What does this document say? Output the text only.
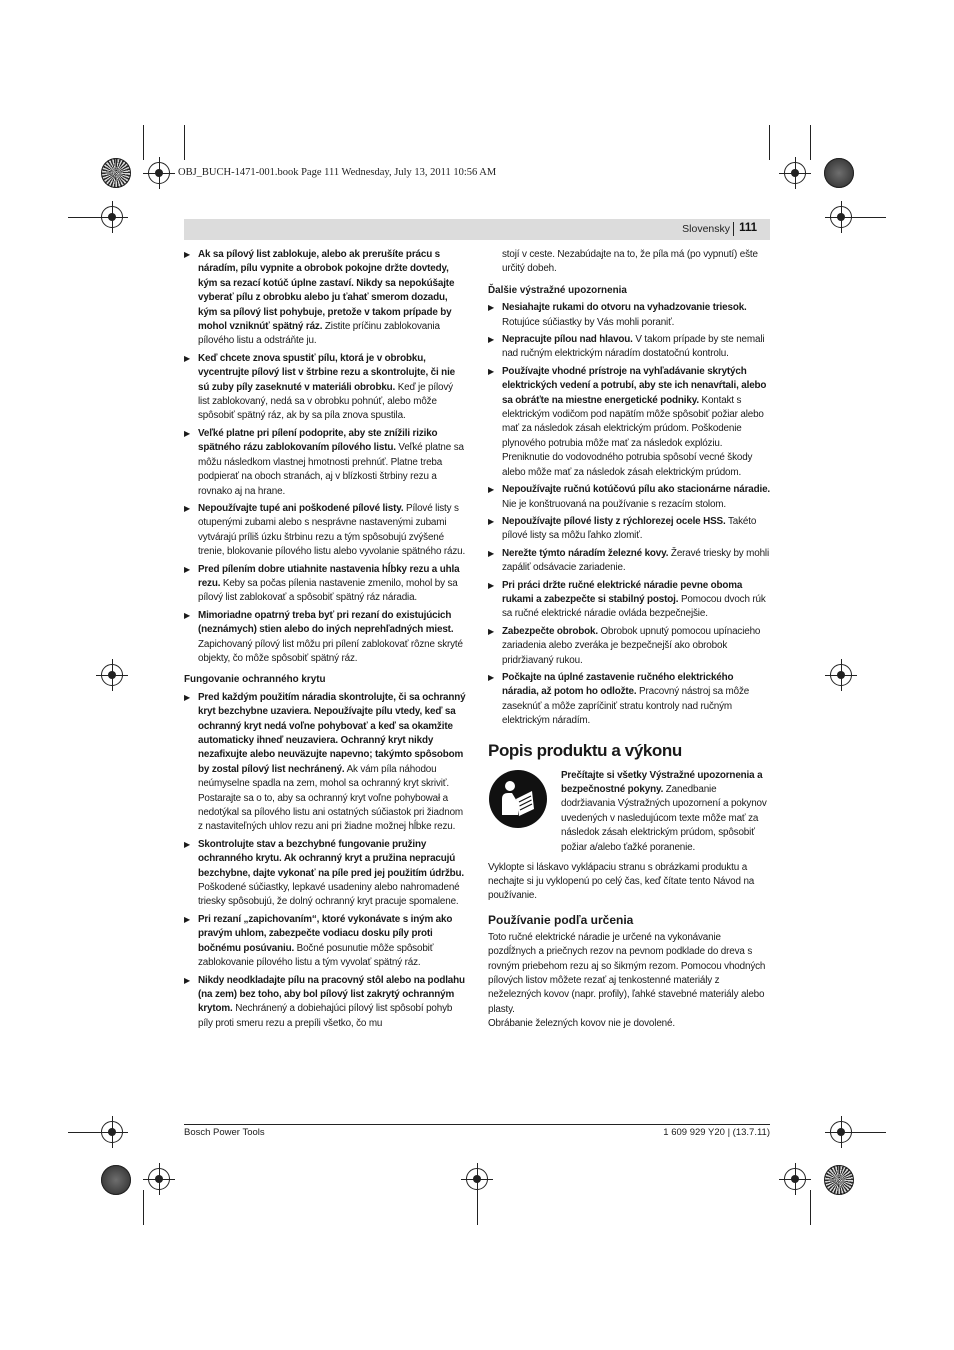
OBJ_BUCH-1471-001.book Page 111 Wednesday, July 13, 2011 10:56 AM
Slovensky 111
▶ Ak sa pílový list zablokuje, alebo ak prerušíte prácu s náradím, pílu vypnite a obrobok pokojne držte dovtedy, kým sa rezací kotúč úplne zastaví. Nikdy sa nepokúšajte vyberať pílu z obrobku alebo ju ťahať smerom dozadu, kým sa pílový list pohybuje, pretože v takom prípade by mohol vzniknúť spätný ráz. Zistite príčinu zablokovania pílového listu a odstráňte ju.
▶ Keď chcete znova spustiť pílu, ktorá je v obrobku, vycentrujte pílový list v štrbine rezu a skontrolujte, či nie sú zuby píly zaseknuté v materiáli obrobku. Keď je pílový list zablokovaný, nedá sa v obrobku pohnúť, alebo môže spôsobiť spätný ráz, ak by sa píla znova spustila.
▶ Veľké platne pri pílení podoprite, aby ste znížili riziko spätného rázu zablokovaním pílového listu. Veľké platne sa môžu následkom vlastnej hmotnosti prehnúť. Platne treba podpierať na oboch stranách, aj v blízkosti štrbiny rezu a rovnako aj na hrane.
▶ Nepoužívajte tupé ani poškodené pílové listy. Pílové listy s otupenými zubami alebo s nesprávne nastavenými zubami vytvárajú príliš úzku štrbinu rezu a tým spôsobujú zvýšené trenie, blokovanie pílového listu alebo vyvolanie spätného rázu.
▶ Pred pílením dobre utiahnite nastavenia hĺbky rezu a uhla rezu. Keby sa počas pílenia nastavenie zmenilo, mohol by sa pílový list zablokovať a spôsobiť spätný ráz náradia.
▶ Mimoriadne opatrný treba byť pri rezaní do existujúcich (neznámych) stien alebo do iných neprehľadných miest. Zapichovaný pílový list môžu pri pílení zablokovať rôzne skryté objekty, čo môže spôsobiť spätný ráz.
Fungovanie ochranného krytu
▶ Pred každým použitím náradia skontrolujte, či sa ochranný kryt bezchybne uzaviera. Nepoužívajte pílu vtedy, keď sa ochranný kryt nedá voľne pohybovať a keď sa okamžite automaticky ihneď neuzaviera. Ochranný kryt nikdy nezafixujte alebo neuväzujte napevno; takýmto spôsobom by zostal pílový list nechránený. Ak vám píla náhodou neúmyselne spadla na zem, mohol sa ochranný kryt skriviť. Postarajte sa o to, aby sa ochranný kryt voľne pohybował a nedotýkal sa pílového listu ani ostatných súčiastok pri žiadnom z nastaviteľných uhlov rezu ani pri žiadne možnej hĺbke rezu.
▶ Skontrolujte stav a bezchybné fungovanie pružiny ochranného krytu. Ak ochranný kryt a pružina nepracujú bezchybne, dajte vykonať na píle pred jej použitím údržbu. Poškodené súčiastky, lepkavé usadeniny alebo nahromadené triesky spôsobujú, že dolný ochranný kryt pracuje spomalene.
▶ Pri rezaní „zapichovaním“, ktoré vykonávate s iným ako pravým uhlom, zabezpečte vodiacu dosku píly proti bočnému posúvaniu. Bočné posunutie môže spôsobiť zablokovanie pílového listu a tým vyvolať spätný ráz.
▶ Nikdy neodkladajte pílu na pracovný stôl alebo na podlahu (na zem) bez toho, aby bol pílový list zakrytý ochranným krytom. Nechránený a dobiehajúci pílový list spôsobí pohyb píly proti smeru rezu a prepíli všetko, čo mu
stojí v ceste. Nezabúdajte na to, že píla má (po vypnutí) ešte určitý dobeh.
Ďalšie výstražné upozornenia
▶ Nesiahajte rukami do otvoru na vyhadzovanie triesok. Rotujúce súčiastky by Vás mohli poraniť.
▶ Nepracujte pílou nad hlavou. V takom prípade by ste nemali nad ručným elektrickým náradím dostatočnú kontrolu.
▶ Používajte vhodné prístroje na vyhľadávanie skrytých elektrických vedení a potrubí, aby ste ich nenavŕtali, alebo sa obráťte na miestne energetické podniky. Kontakt s elektrickým vodičom pod napätím môže spôsobiť požiar alebo mať za následok zásah elektrickým prúdom. Poškodenie plynového potrubia môže mať za následok explóziu. Preniknutie do vodovodného potrubia spôsobí vecné škody alebo môže mať za následok zásah elektrickým prúdom.
▶ Nepoužívajte ručnú kotúčovú pílu ako stacionárne náradie. Nie je konštruovaná na používanie s rezacím stolom.
▶ Nepoužívajte pílové listy z rýchlorezej ocele HSS. Takéto pílové listy sa môžu ľahko zlomiť.
▶ Nerežte týmto náradím železné kovy. Žeravé triesky by mohli zapáliť odsávacie zariadenie.
▶ Pri práci držte ručné elektrické náradie pevne oboma rukami a zabezpečte si stabilný postoj. Pomocou dvoch rúk sa ručné elektrické náradie ovláda bezpečnejšie.
▶ Zabezpečte obrobok. Obrobok upnutý pomocou upínacieho zariadenia alebo zveráka je bezpečnejší ako obrobok pridržiavaný rukou.
▶ Počkajte na úplné zastavenie ručného elektrického náradia, až potom ho odložte. Pracovný nástroj sa môže zaseknúť a môže zapríčiniť stratu kontroly nad ručným elektrickým náradím.
Popis produktu a výkonu
Prečítajte si všetky Výstražné upozornenia a bezpečnostné pokyny. Zanedbanie dodržiavania Výstražných upozornení a pokynov uvedených v nasledujúcom texte môže mať za následok zásah elektrickým prúdom, spôsobiť požiar a/alebo ťažké poranenie.
Vyklopte si láskavo vyklápaciu stranu s obrázkami produktu a nechajte si ju vyklopenú po celý čas, keď čítate tento Návod na používanie.
Používanie podľa určenia
Toto ručné elektrické náradie je určené na vykonávanie pozdĺžnych a priečnych rezov na pevnom podklade do dreva s rovným priebehom rezu aj so šikmým rezom. Pomocou vhodných pílových listov môžete rezať aj tenkostenné materiály z neželezných kovov (napr. profily), ľahké stavebné materiály alebo plasty.
Obrábanie železných kovov nie je dovolené.
Bosch Power Tools	1 609 929 Y20 | (13.7.11)
